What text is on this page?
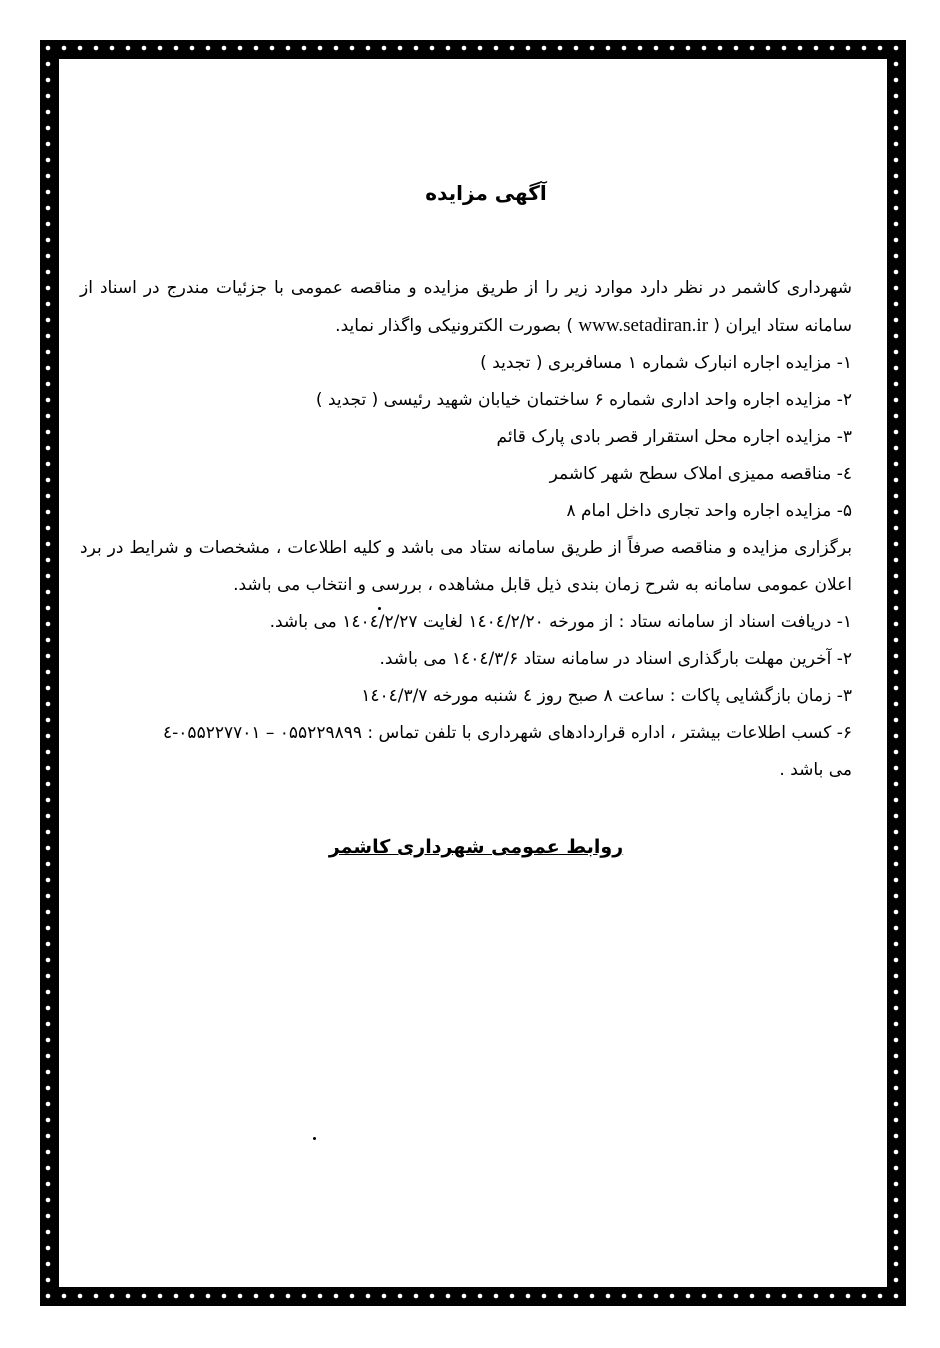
آگهی مزایده

شهرداری کاشمر در نظر دارد موارد زیر را از طریق مزایده و مناقصه عمومی با جزئیات مندرج در اسناد از سامانه ستاد ایران ( www.setadiran.ir ) بصورت الکترونیکی واگذار نماید.

۱- مزایده اجاره انبارک شماره ۱ مسافربری ( تجدید )
۲- مزایده اجاره واحد اداری شماره ۶ ساختمان خیابان شهید رئیسی ( تجدید )
۳- مزایده اجاره محل استقرار قصر بادی پارک قائم
٤- مناقصه ممیزی املاک سطح شهر کاشمر
۵- مزایده اجاره واحد تجاری داخل امام ۸

برگزاری مزایده و مناقصه صرفاً از طریق سامانه ستاد می باشد و کلیه اطلاعات ، مشخصات و شرایط در برد اعلان عمومی سامانه به شرح زمان بندی ذیل قابل مشاهده ، بررسی و انتخاب می باشد.

۱- دریافت اسناد از سامانه ستاد : از مورخه ۱٤۰٤/۲/۲۰ لغایت ۱٤۰٤/۲/۲۷ می باشد.
۲- آخرین مهلت بارگذاری اسناد در سامانه ستاد ۱٤۰٤/۳/۶ می باشد.
۳- زمان بازگشایی پاکات : ساعت ۸ صبح روز ٤ شنبه مورخه ۱٤۰٤/۳/۷

۶- کسب اطلاعات بیشتر ، اداره قراردادهای شهرداری با تلفن تماس : ٤-۰۵۵۲۲۷۷۰۱ – ۰۵۵۲۲۹۸۹۹
می باشد .

روابط عمومی شهرداری کاشمر
